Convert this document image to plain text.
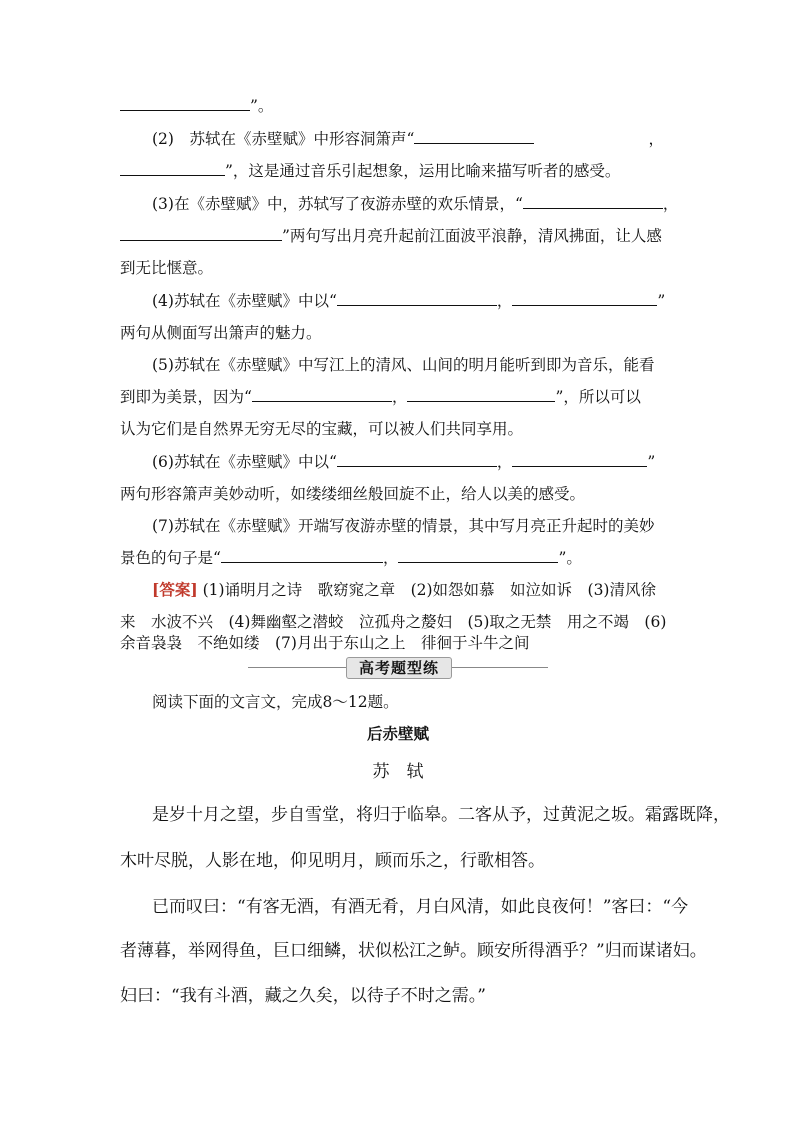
”。
(2)　苏轼在《赤壁赋》中形容洞箫声“	，
”，这是通过音乐引起想象，运用比喻来描写听者的感受。
(3)在《赤壁赋》中，苏轼写了夜游赤壁的欢乐情景，“	，
”两句写出月亮升起前江面波平浪静，清风拂面，让人感
到无比惬意。
(4)苏轼在《赤壁赋》中以“	，	”
两句从侧面写出箫声的魅力。
(5)苏轼在《赤壁赋》中写江上的清风、山间的明月能听到即为音乐，能看
到即为美景，因为“	，	”，所以可以
认为它们是自然界无穷无尽的宝藏，可以被人们共同享用。
(6)苏轼在《赤壁赋》中以“	，	”
两句形容箫声美妙动听，如缕缕细丝般回旋不止，给人以美的感受。
(7)苏轼在《赤壁赋》开端写夜游赤壁的情景，其中写月亮正升起时的美妙
景色的句子是“	，	”。
[答案] (1)诵明月之诗　歌窈窕之章　(2)如怨如慕　如泣如诉　(3)清风徐
来　水波不兴　(4)舞幽壑之潜蛟　泣孤舟之嫠妇　(5)取之无禁　用之不竭　(6)
余音袅袅　不绝如缕　(7)月出于东山之上　徘徊于斗牛之间
高考题型练
阅读下面的文言文，完成8～12题。
后赤壁赋
苏　轼
是岁十月之望，步自雪堂，将归于临皋。二客从予，过黄泥之坂。霜露既降，
木叶尽脱，人影在地，仰见明月，顾而乐之，行歌相答。
已而叹曰：“有客无酒，有酒无肴，月白风清，如此良夜何！”客曰：“今
者薄暮，举网得鱼，巨口细鳞，状似松江之鲈。顾安所得酒乎？”归而谋诸妇。
妇曰：“我有斗酒，藏之久矣，以待子不时之需。”
